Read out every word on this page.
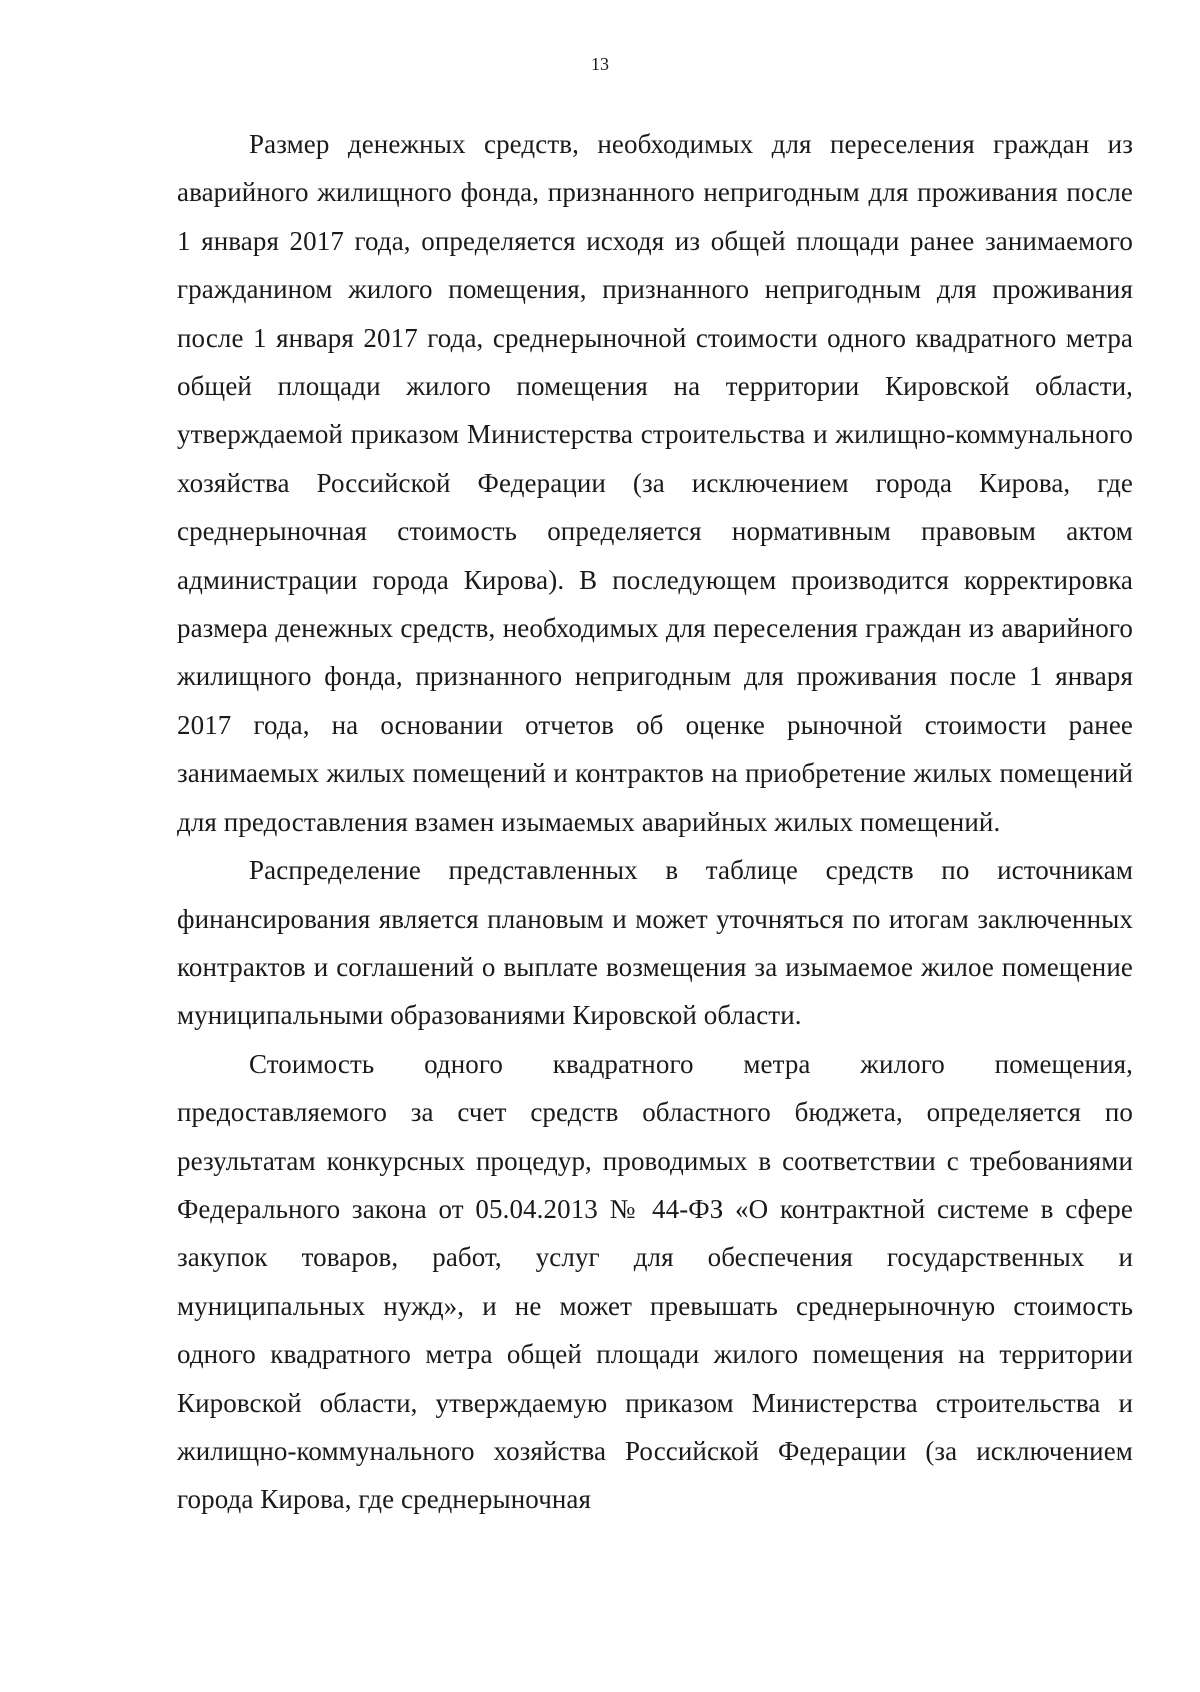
13

Размер денежных средств, необходимых для переселения граждан из аварийного жилищного фонда, признанного непригодным для проживания после 1 января 2017 года, определяется исходя из общей площади ранее занимаемого гражданином жилого помещения, признанного непригодным для проживания после 1 января 2017 года, среднерыночной стоимости одного квадратного метра общей площади жилого помещения на территории Кировской области, утверждаемой приказом Министерства строительства и жилищно-коммунального хозяйства Российской Федерации (за исключением города Кирова, где среднерыночная стоимость определяется нормативным правовым актом администрации города Кирова). В последующем производится корректировка размера денежных средств, необходимых для переселения граждан из аварийного жилищного фонда, признанного непригодным для проживания после 1 января 2017 года, на основании отчетов об оценке рыночной стоимости ранее занимаемых жилых помещений и контрактов на приобретение жилых помещений для предоставления взамен изымаемых аварийных жилых помещений.

Распределение представленных в таблице средств по источникам финансирования является плановым и может уточняться по итогам заключенных контрактов и соглашений о выплате возмещения за изымаемое жилое помещение муниципальными образованиями Кировской области.

Стоимость одного квадратного метра жилого помещения, предоставляемого за счет средств областного бюджета, определяется по результатам конкурсных процедур, проводимых в соответствии с требованиями Федерального закона от 05.04.2013 № 44-ФЗ «О контрактной системе в сфере закупок товаров, работ, услуг для обеспечения государственных и муниципальных нужд», и не может превышать среднерыночную стоимость одного квадратного метра общей площади жилого помещения на территории Кировской области, утверждаемую приказом Министерства строительства и жилищно-коммунального хозяйства Российской Федерации (за исключением города Кирова, где среднерыночная
